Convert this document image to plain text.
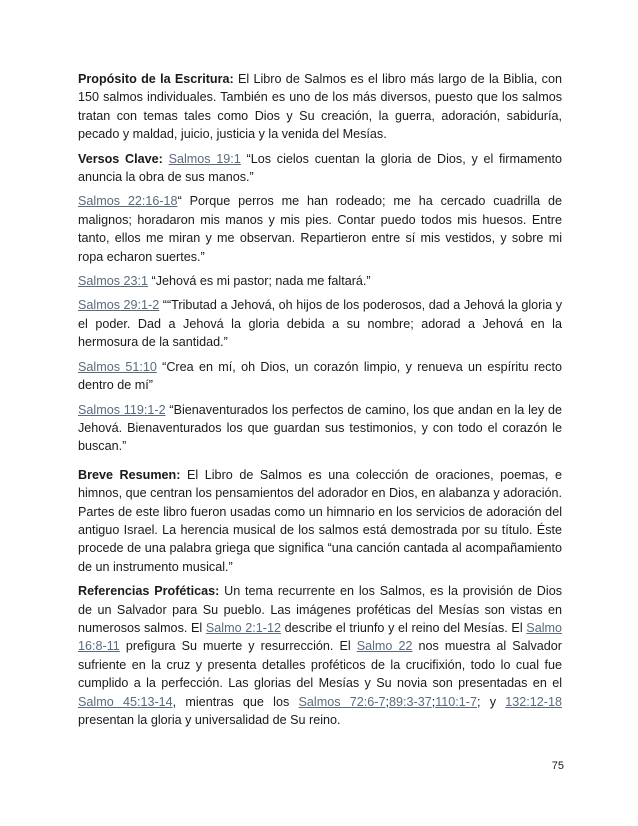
Propósito de la Escritura: El Libro de Salmos es el libro más largo de la Biblia, con 150 salmos individuales. También es uno de los más diversos, puesto que los salmos tratan con temas tales como Dios y Su creación, la guerra, adoración, sabiduría, pecado y maldad, juicio, justicia y la venida del Mesías.

Versos Clave: Salmos 19:1 “Los cielos cuentan la gloria de Dios, y el firmamento anuncia la obra de sus manos.”

Salmos 22:16-18“ Porque perros me han rodeado; me ha cercado cuadrilla de malignos; horadaron mis manos y mis pies. Contar puedo todos mis huesos. Entre tanto, ellos me miran y me observan. Repartieron entre sí mis vestidos, y sobre mi ropa echaron suertes.”

Salmos 23:1 “Jehová es mi pastor; nada me faltará.”

Salmos 29:1-2 ““Tributad a Jehová, oh hijos de los poderosos, dad a Jehová la gloria y el poder. Dad a Jehová la gloria debida a su nombre; adorad a Jehová en la hermosura de la santidad.”

Salmos 51:10 “Crea en mí, oh Dios, un corazón limpio, y renueva un espíritu recto dentro de mí”

Salmos 119:1-2 “Bienaventurados los perfectos de camino, los que andan en la ley de Jehová. Bienaventurados los que guardan sus testimonios, y con todo el corazón le buscan.”

Breve Resumen: El Libro de Salmos es una colección de oraciones, poemas, e himnos, que centran los pensamientos del adorador en Dios, en alabanza y adoración. Partes de este libro fueron usadas como un himnario en los servicios de adoración del antiguo Israel. La herencia musical de los salmos está demostrada por su título. Éste procede de una palabra griega que significa “una canción cantada al acompañamiento de un instrumento musical.”

Referencias Proféticas: Un tema recurrente en los Salmos, es la provisión de Dios de un Salvador para Su pueblo. Las imágenes proféticas del Mesías son vistas en numerosos salmos. El Salmo 2:1-12 describe el triunfo y el reino del Mesías. El Salmo 16:8-11 prefigura Su muerte y resurrección. El Salmo 22 nos muestra al Salvador sufriente en la cruz y presenta detalles proféticos de la crucifixión, todo lo cual fue cumplido a la perfección. Las glorias del Mesías y Su novia son presentadas en el Salmo 45:13-14, mientras que los Salmos 72:6-7;89:3-37;110:1-7; y 132:12-18 presentan la gloria y universalidad de Su reino.

75
